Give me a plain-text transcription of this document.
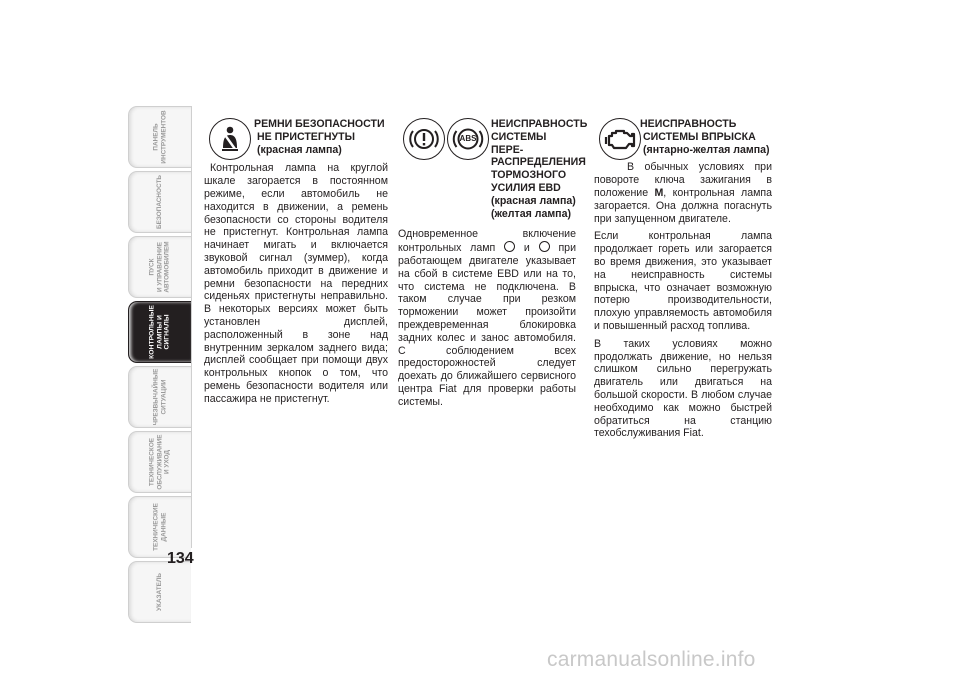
ПАНЕЛЬ
ИНСТРУМЕНТОВ
БЕЗОПАСНОСТЬ
ПУСК
И УПРАВЛЕНИЕ
АВТОМОБИЛЕМ
КОНТРОЛЬНЫЕ
ЛАМПЫ И
СИГНАЛЫ
ЧРЕЗВЫЧАЙНЫЕ
СИТУАЦИИ
ТЕХНИЧЕСКОЕ
ОБСЛУЖИВАНИЕ
И УХОД
ТЕХНИЧЕСКИЕ
ДАННЫЕ
УКАЗАТЕЛЬ
134
РЕМНИ БЕЗОПАСНОСТИ
НЕ ПРИСТЕГНУТЫ
(красная лампа)

Контрольная лампа на круглой шкале загорается в постоянном режиме, если автомобиль не находится в движении, а ремень безопасности со стороны водителя не пристегнут. Контрольная лампа начинает мигать и включается звуковой сигнал (зуммер), когда автомобиль приходит в движение и ремни безопасности на передних сиденьях пристегнуты неправильно. В некоторых версиях может быть установлен дисплей, расположенный в зоне над внутренним зеркалом заднего вида; дисплей сообщает при помощи двух контрольных кнопок о том, что ремень безопасности водителя или пассажира не пристегнут.

ABS
НЕИСПРАВНОСТЬ
СИСТЕМЫ ПЕРЕ-
РАСПРЕДЕЛЕНИЯ
ТОРМОЗНОГО
УСИЛИЯ EBD
(красная лампа)
(желтая лампа)

Одновременное включение контрольных ламп	и	при работающем двигателе указывает на сбой в системе EBD или на то, что система не подключена. В таком случае при резком торможении может произойти преждевременная блокировка задних колес и занос автомобиля. С соблюдением всех предосторожностей следует доехать до ближайшего сервисного центра Fiat для проверки работы системы.

НЕИСПРАВНОСТЬ
СИСТЕМЫ ВПРЫСКА
(янтарно-желтая лампа)

В обычных условиях при повороте ключа зажигания в положение M, контрольная лампа загорается. Она должна погаснуть при запущенном двигателе.

Если контрольная лампа продолжает гореть или загорается во время движения, это указывает на неисправность системы впрыска, что означает возможную потерю производительности, плохую управляемость автомобиля и повышенный расход топлива.

В таких условиях можно продолжать движение, но нельзя слишком сильно перегружать двигатель или двигаться на большой скорости. В любом случае необходимо как можно быстрей обратиться на станцию техобслуживания Fiat.

carmanualsonline.info
